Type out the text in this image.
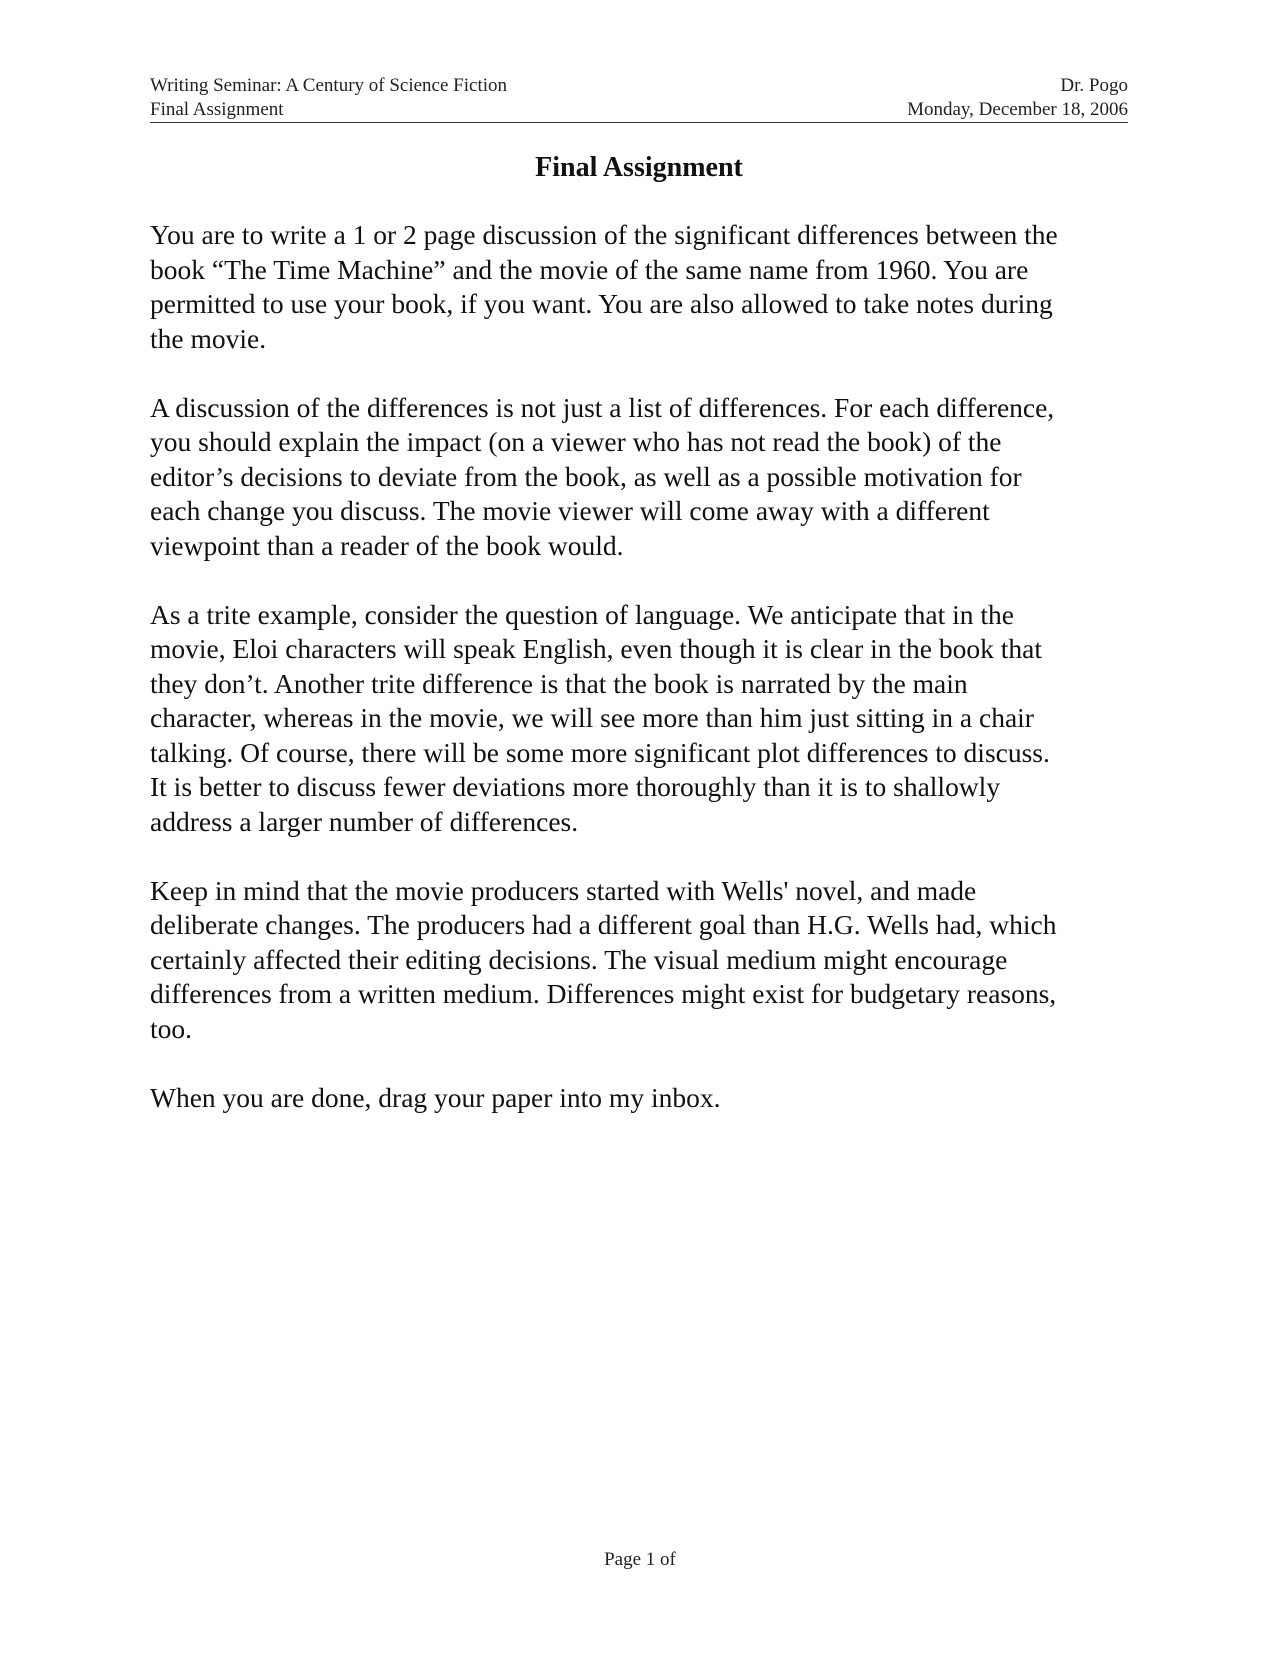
Writing Seminar: A Century of Science Fiction	Dr. Pogo
Final Assignment	Monday, December 18, 2006
Final Assignment

You are to write a 1 or 2 page discussion of the significant differences between the
book “The Time Machine” and the movie of the same name from 1960. You are
permitted to use your book, if you want. You are also allowed to take notes during
the movie.

A discussion of the differences is not just a list of differences. For each difference,
you should explain the impact (on a viewer who has not read the book) of the
editor’s decisions to deviate from the book, as well as a possible motivation for
each change you discuss. The movie viewer will come away with a different
viewpoint than a reader of the book would.

As a trite example, consider the question of language. We anticipate that in the
movie, Eloi characters will speak English, even though it is clear in the book that
they don’t. Another trite difference is that the book is narrated by the main
character, whereas in the movie, we will see more than him just sitting in a chair
talking. Of course, there will be some more significant plot differences to discuss.
It is better to discuss fewer deviations more thoroughly than it is to shallowly
address a larger number of differences.

Keep in mind that the movie producers started with Wells' novel, and made
deliberate changes. The producers had a different goal than H.G. Wells had, which
certainly affected their editing decisions. The visual medium might encourage
differences from a written medium. Differences might exist for budgetary reasons,
too.

When you are done, drag your paper into my inbox.

Page 1 of
